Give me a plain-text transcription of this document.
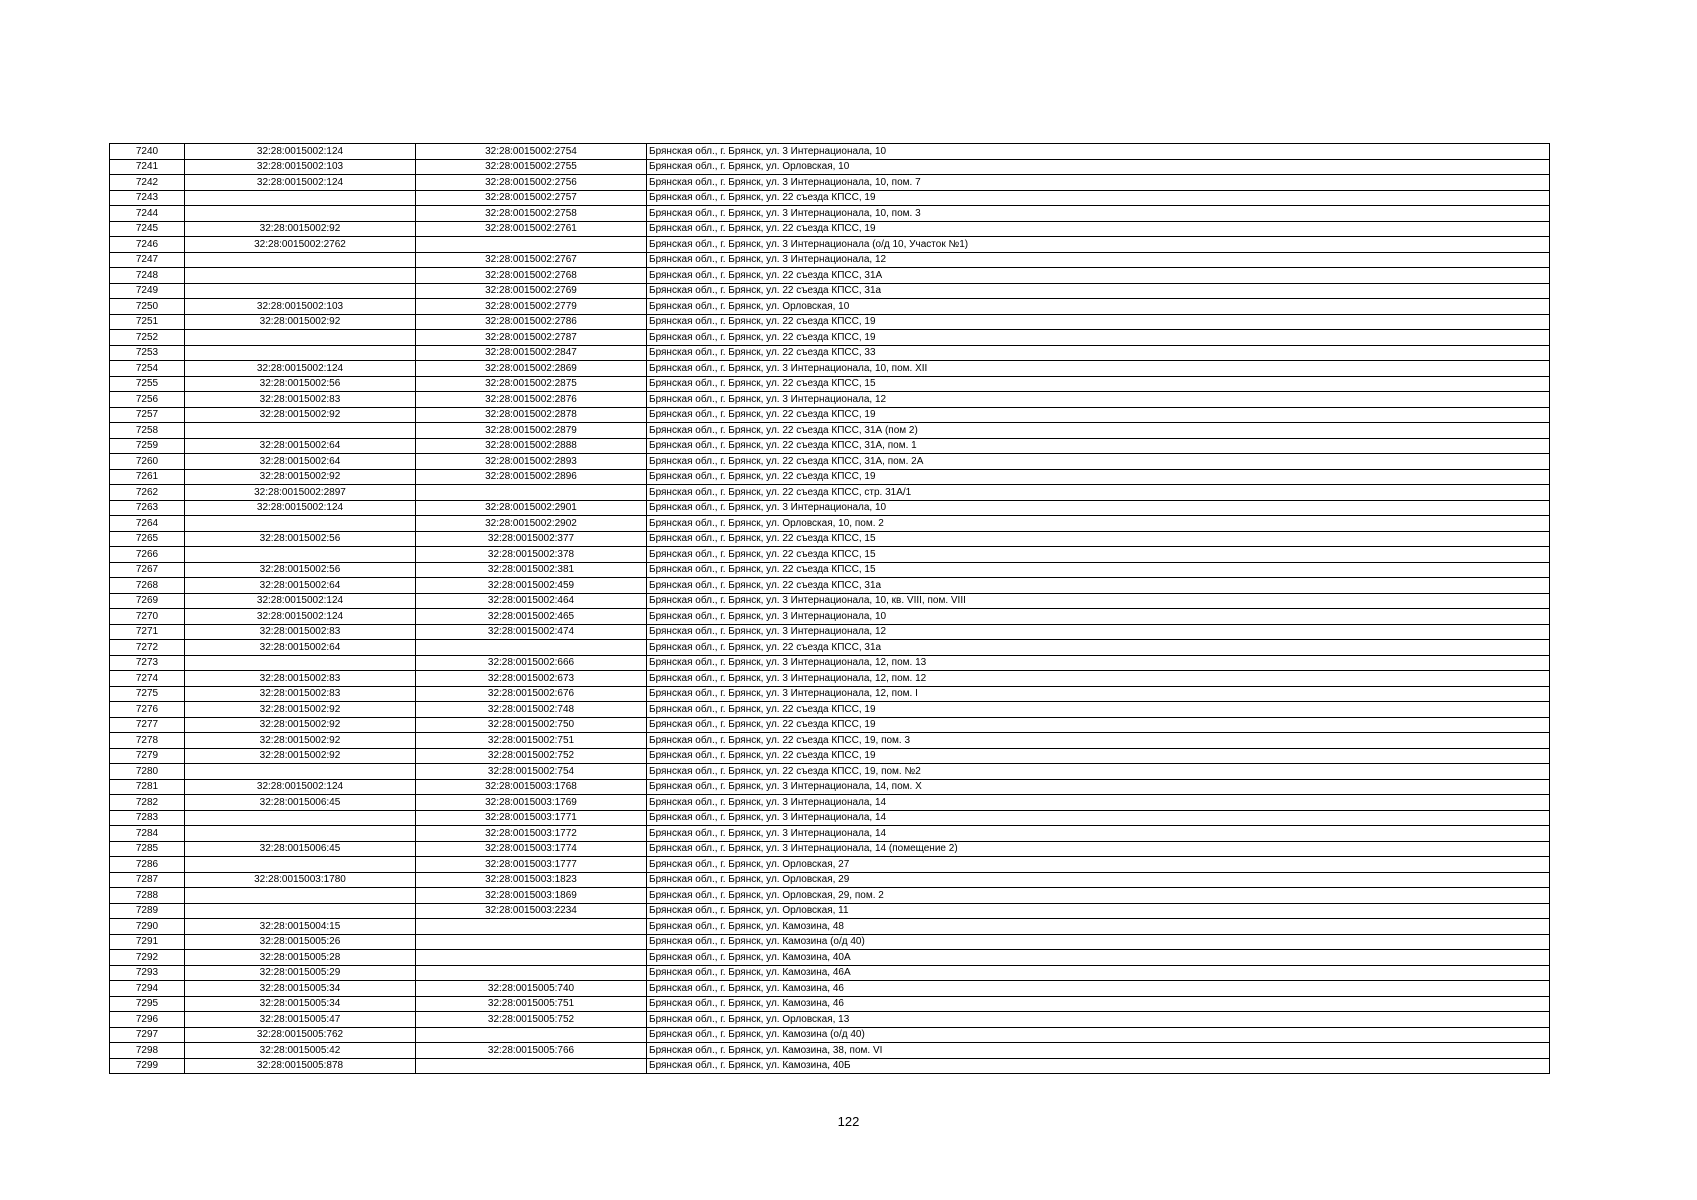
7240	32:28:0015002:124	32:28:0015002:2754	Брянская обл., г. Брянск, ул. 3 Интернационала, 10
7241	32:28:0015002:103	32:28:0015002:2755	Брянская обл., г. Брянск, ул. Орловская, 10
7242	32:28:0015002:124	32:28:0015002:2756	Брянская обл., г. Брянск, ул. 3 Интернационала, 10, пом. 7
7243		32:28:0015002:2757	Брянская обл., г. Брянск, ул. 22 съезда КПСС, 19
7244		32:28:0015002:2758	Брянская обл., г. Брянск, ул. 3 Интернационала, 10, пом. 3
7245	32:28:0015002:92	32:28:0015002:2761	Брянская обл., г. Брянск, ул. 22 съезда КПСС, 19
7246	32:28:0015002:2762		Брянская обл., г. Брянск, ул. 3 Интернационала (о/д 10, Участок №1)
7247		32:28:0015002:2767	Брянская обл., г. Брянск, ул. 3 Интернационала, 12
7248		32:28:0015002:2768	Брянская обл., г. Брянск, ул. 22 съезда КПСС, 31А
7249		32:28:0015002:2769	Брянская обл., г. Брянск, ул. 22 съезда КПСС, 31а
7250	32:28:0015002:103	32:28:0015002:2779	Брянская обл., г. Брянск, ул. Орловская, 10
7251	32:28:0015002:92	32:28:0015002:2786	Брянская обл., г. Брянск, ул. 22 съезда КПСС, 19
7252		32:28:0015002:2787	Брянская обл., г. Брянск, ул. 22 съезда КПСС, 19
7253		32:28:0015002:2847	Брянская обл., г. Брянск, ул. 22 съезда КПСС, 33
7254	32:28:0015002:124	32:28:0015002:2869	Брянская обл., г. Брянск, ул. 3 Интернационала, 10, пом. XII
7255	32:28:0015002:56	32:28:0015002:2875	Брянская обл., г. Брянск, ул. 22 съезда КПСС, 15
7256	32:28:0015002:83	32:28:0015002:2876	Брянская обл., г. Брянск, ул. 3 Интернационала, 12
7257	32:28:0015002:92	32:28:0015002:2878	Брянская обл., г. Брянск, ул. 22 съезда КПСС, 19
7258		32:28:0015002:2879	Брянская обл., г. Брянск, ул. 22 съезда КПСС, 31А (пом 2)
7259	32:28:0015002:64	32:28:0015002:2888	Брянская обл., г. Брянск, ул. 22 съезда КПСС, 31А, пом. 1
7260	32:28:0015002:64	32:28:0015002:2893	Брянская обл., г. Брянск, ул. 22 съезда КПСС, 31А, пом. 2А
7261	32:28:0015002:92	32:28:0015002:2896	Брянская обл., г. Брянск, ул. 22 съезда КПСС, 19
7262	32:28:0015002:2897		Брянская обл., г. Брянск, ул. 22 съезда КПСС, стр. 31А/1
7263	32:28:0015002:124	32:28:0015002:2901	Брянская обл., г. Брянск, ул. 3 Интернационала, 10
7264		32:28:0015002:2902	Брянская обл., г. Брянск, ул. Орловская, 10, пом. 2
7265	32:28:0015002:56	32:28:0015002:377	Брянская обл., г. Брянск, ул. 22 съезда КПСС, 15
7266		32:28:0015002:378	Брянская обл., г. Брянск, ул. 22 съезда КПСС, 15
7267	32:28:0015002:56	32:28:0015002:381	Брянская обл., г. Брянск, ул. 22 съезда КПСС, 15
7268	32:28:0015002:64	32:28:0015002:459	Брянская обл., г. Брянск, ул. 22 съезда КПСС, 31а
7269	32:28:0015002:124	32:28:0015002:464	Брянская обл., г. Брянск, ул. 3 Интернационала, 10, кв. VIII, пом. VIII
7270	32:28:0015002:124	32:28:0015002:465	Брянская обл., г. Брянск, ул. 3 Интернационала, 10
7271	32:28:0015002:83	32:28:0015002:474	Брянская обл., г. Брянск, ул. 3 Интернационала, 12
7272	32:28:0015002:64		Брянская обл., г. Брянск, ул. 22 съезда КПСС, 31а
7273		32:28:0015002:666	Брянская обл., г. Брянск, ул. 3 Интернационала, 12, пом. 13
7274	32:28:0015002:83	32:28:0015002:673	Брянская обл., г. Брянск, ул. 3 Интернационала, 12, пом. 12
7275	32:28:0015002:83	32:28:0015002:676	Брянская обл., г. Брянск, ул. 3 Интернационала, 12, пом. I
7276	32:28:0015002:92	32:28:0015002:748	Брянская обл., г. Брянск, ул. 22 съезда КПСС, 19
7277	32:28:0015002:92	32:28:0015002:750	Брянская обл., г. Брянск, ул. 22 съезда КПСС, 19
7278	32:28:0015002:92	32:28:0015002:751	Брянская обл., г. Брянск, ул. 22 съезда КПСС, 19, пом. 3
7279	32:28:0015002:92	32:28:0015002:752	Брянская обл., г. Брянск, ул. 22 съезда КПСС, 19
7280		32:28:0015002:754	Брянская обл., г. Брянск, ул. 22 съезда КПСС, 19, пом. №2
7281	32:28:0015002:124	32:28:0015003:1768	Брянская обл., г. Брянск, ул. 3 Интернационала, 14, пом. Х
7282	32:28:0015006:45	32:28:0015003:1769	Брянская обл., г. Брянск, ул. 3 Интернационала, 14
7283		32:28:0015003:1771	Брянская обл., г. Брянск, ул. 3 Интернационала, 14
7284		32:28:0015003:1772	Брянская обл., г. Брянск, ул. 3 Интернационала, 14
7285	32:28:0015006:45	32:28:0015003:1774	Брянская обл., г. Брянск, ул. 3 Интернационала, 14 (помещение 2)
7286		32:28:0015003:1777	Брянская обл., г. Брянск, ул. Орловская, 27
7287	32:28:0015003:1780	32:28:0015003:1823	Брянская обл., г. Брянск, ул. Орловская, 29
7288		32:28:0015003:1869	Брянская обл., г. Брянск, ул. Орловская, 29, пом. 2
7289		32:28:0015003:2234	Брянская обл., г. Брянск, ул. Орловская, 11
7290	32:28:0015004:15		Брянская обл., г. Брянск, ул. Камозина, 48
7291	32:28:0015005:26		Брянская обл., г. Брянск, ул. Камозина (о/д 40)
7292	32:28:0015005:28		Брянская обл., г. Брянск, ул. Камозина, 40А
7293	32:28:0015005:29		Брянская обл., г. Брянск, ул. Камозина, 46А
7294	32:28:0015005:34	32:28:0015005:740	Брянская обл., г. Брянск, ул. Камозина, 46
7295	32:28:0015005:34	32:28:0015005:751	Брянская обл., г. Брянск, ул. Камозина, 46
7296	32:28:0015005:47	32:28:0015005:752	Брянская обл., г. Брянск, ул. Орловская, 13
7297	32:28:0015005:762		Брянская обл., г. Брянск, ул. Камозина (о/д 40)
7298	32:28:0015005:42	32:28:0015005:766	Брянская обл., г. Брянск, ул. Камозина, 38, пом. VI
7299	32:28:0015005:878		Брянская обл., г. Брянск, ул. Камозина, 40Б
122
